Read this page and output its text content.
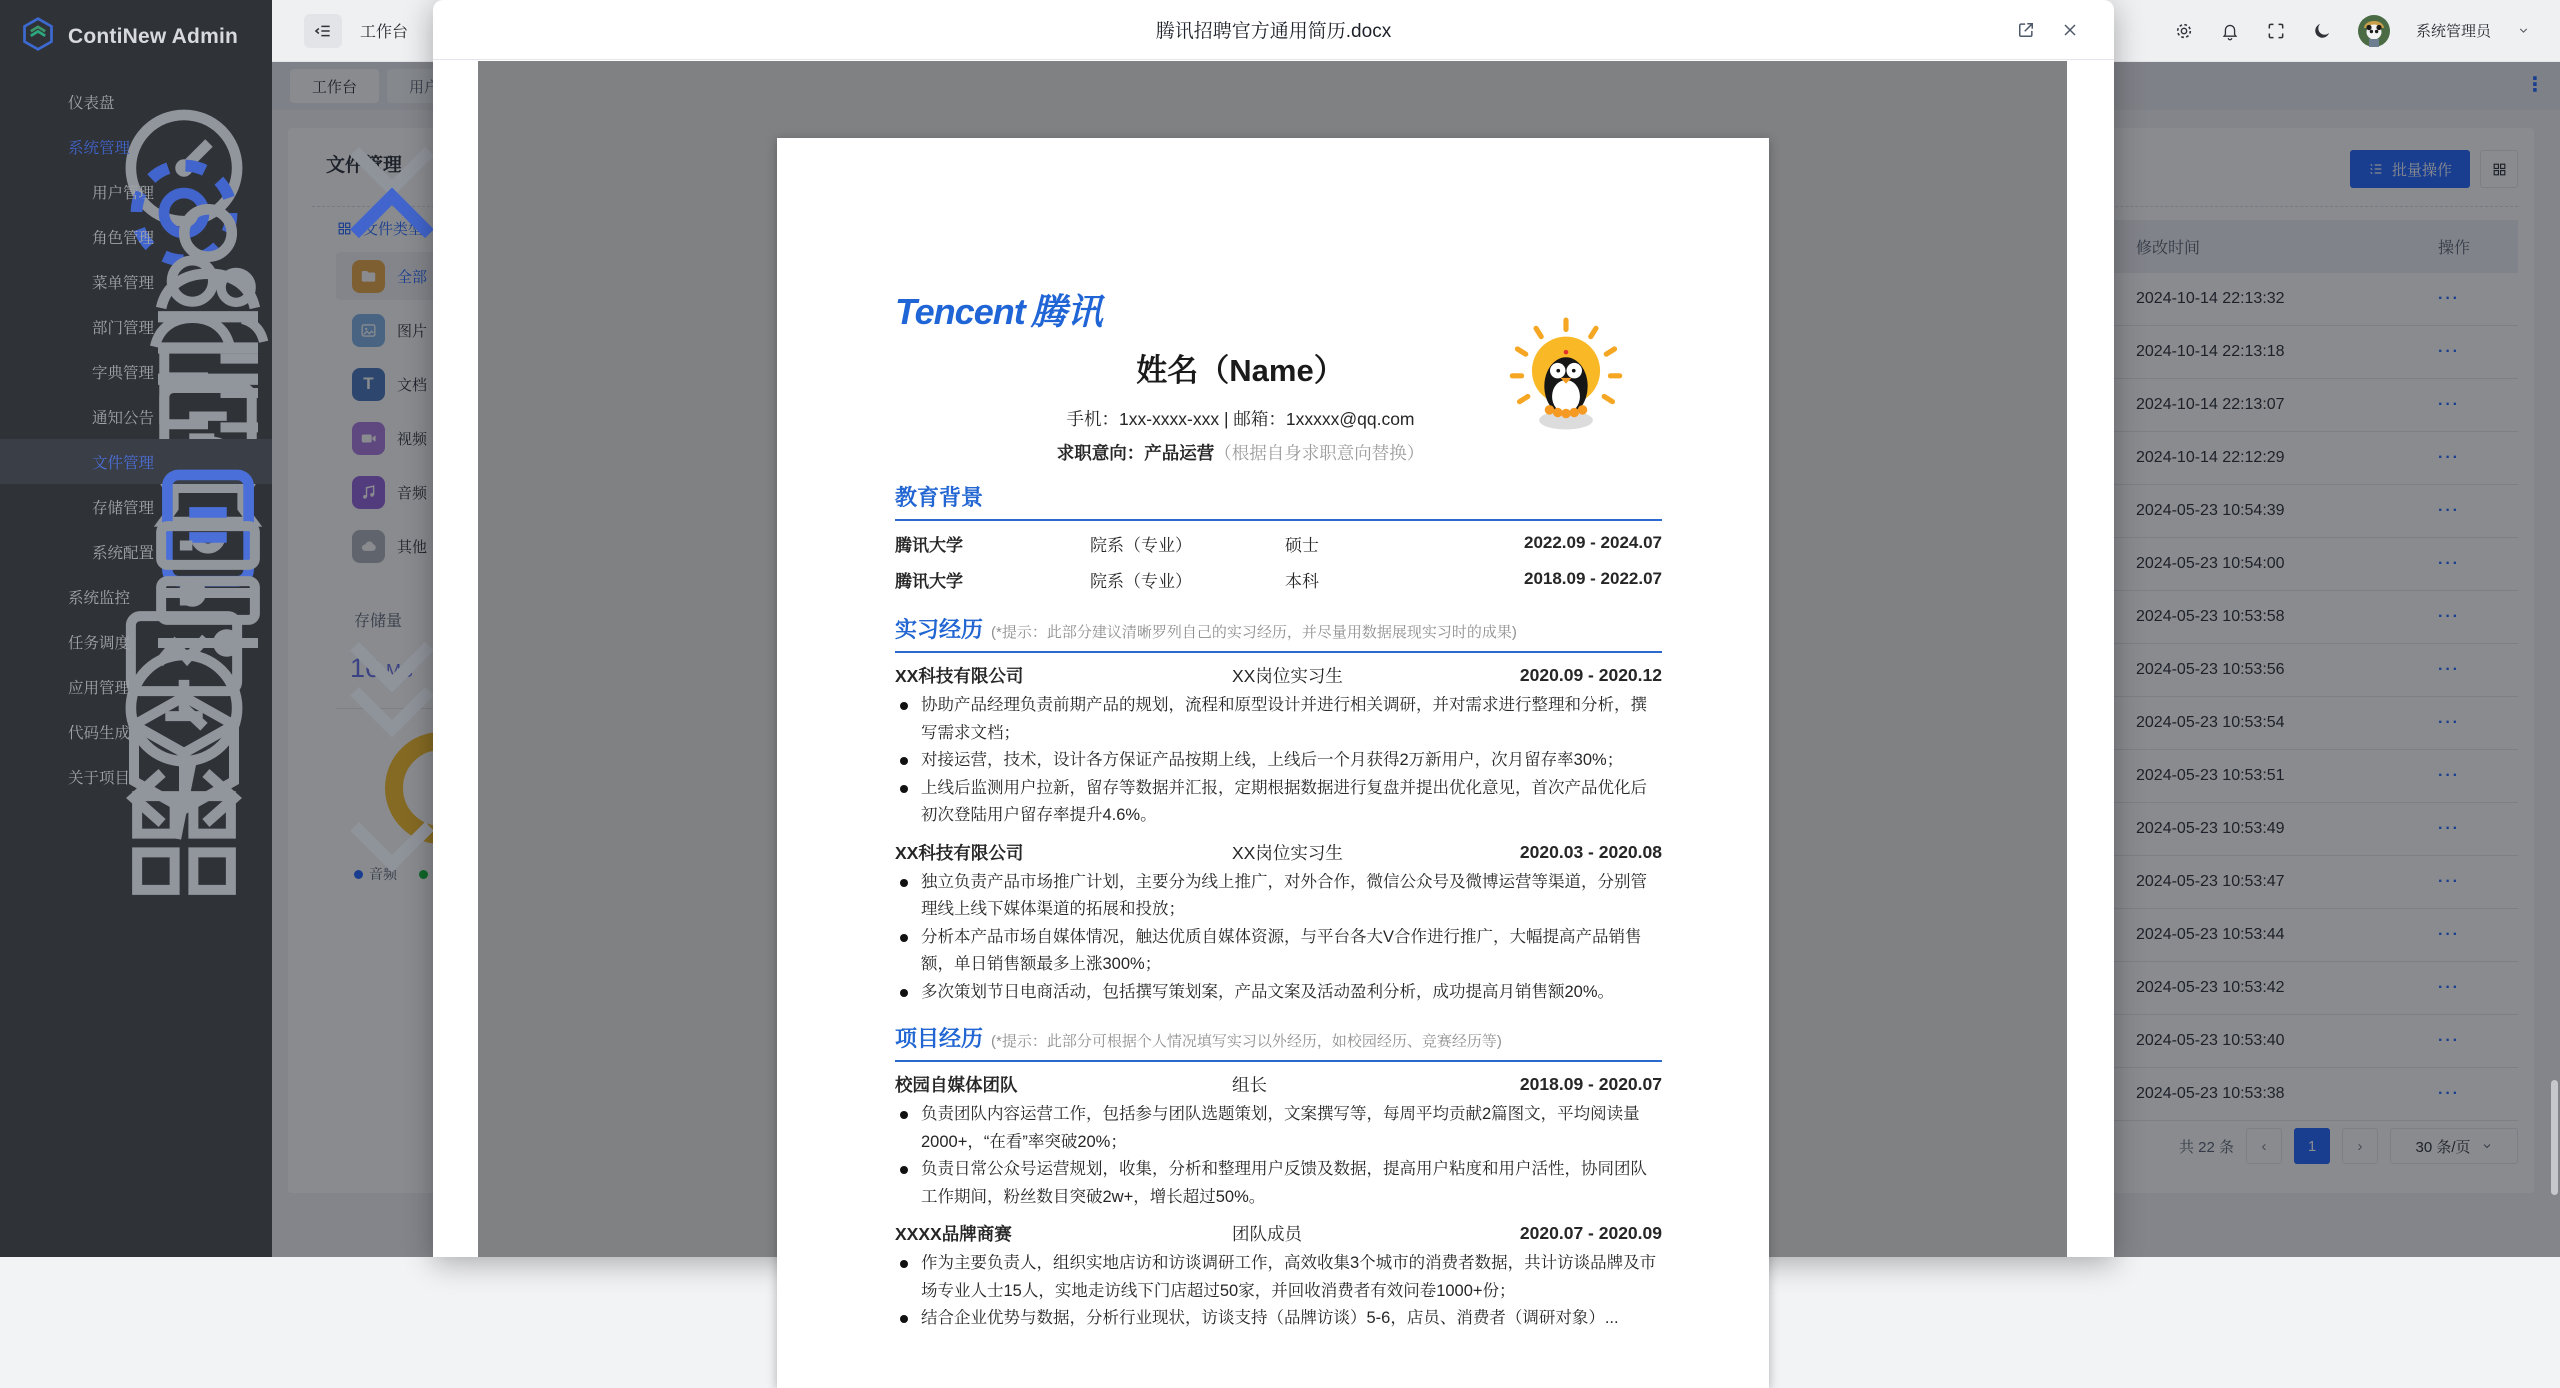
ContiNew Admin
仪表盘
系统管理
用户管理
角色管理
菜单管理
部门管理
字典管理
通知公告
文件管理
存储管理
系统配置
系统监控
任务调度
应用管理
代码生成
关于项目
工作台	系统管理员
腾讯招聘官方通用简历.docx
Tencent 腾讯
姓名（Name）
手机：1xx-xxxx-xxx | 邮箱：1xxxxx@qq.com
求职意向：产品运营（根据自身求职意向替换）
教育背景
腾讯大学	院系（专业）	硕士	2022.09 - 2024.07
腾讯大学	院系（专业）	本科	2018.09 - 2022.07
实习经历 (*提示：此部分建议清晰罗列自己的实习经历，并尽量用数据展现实习时的成果)
XX科技有限公司	XX岗位实习生	2020.09 - 2020.12
协助产品经理负责前期产品的规划，流程和原型设计并进行相关调研，并对需求进行整理和分析，撰写需求文档；
对接运营，技术，设计各方保证产品按期上线，上线后一个月获得2万新用户，次月留存率30%；
上线后监测用户拉新，留存等数据并汇报，定期根据数据进行复盘并提出优化意见，首次产品优化后初次登陆用户留存率提升4.6%。
XX科技有限公司	XX岗位实习生	2020.03 - 2020.08
独立负责产品市场推广计划，主要分为线上推广，对外合作，微信公众号及微博运营等渠道，分别管理线上线下媒体渠道的拓展和投放；
分析本产品市场自媒体情况，触达优质自媒体资源，与平台各大V合作进行推广，大幅提高产品销售额，单日销售额最多上涨300%；
多次策划节日电商活动，包括撰写策划案，产品文案及活动盈利分析，成功提高月销售额20%。
项目经历 (*提示：此部分可根据个人情况填写实习以外经历，如校园经历、竞赛经历等)
校园自媒体团队	组长	2018.09 - 2020.07
负责团队内容运营工作，包括参与团队选题策划，文案撰写等，每周平均贡献2篇图文，平均阅读量2000+，“在看”率突破20%；
负责日常公众号运营规划，收集，分析和整理用户反馈及数据，提高用户粘度和用户活性，协同团队工作期间，粉丝数目突破2w+，增长超过50%。
XXXX品牌商赛	团队成员	2020.07 - 2020.09
作为主要负责人，组织实地店访和访谈调研工作，高效收集3个城市的消费者数据，共计访谈品牌及市场专业人士15人，实地走访线下门店超过50家，并回收消费者有效问卷1000+份；
结合企业优势与数据，分析行业现状，访谈支持（品牌访谈）5-6，店员、消费者（调研对象）...
